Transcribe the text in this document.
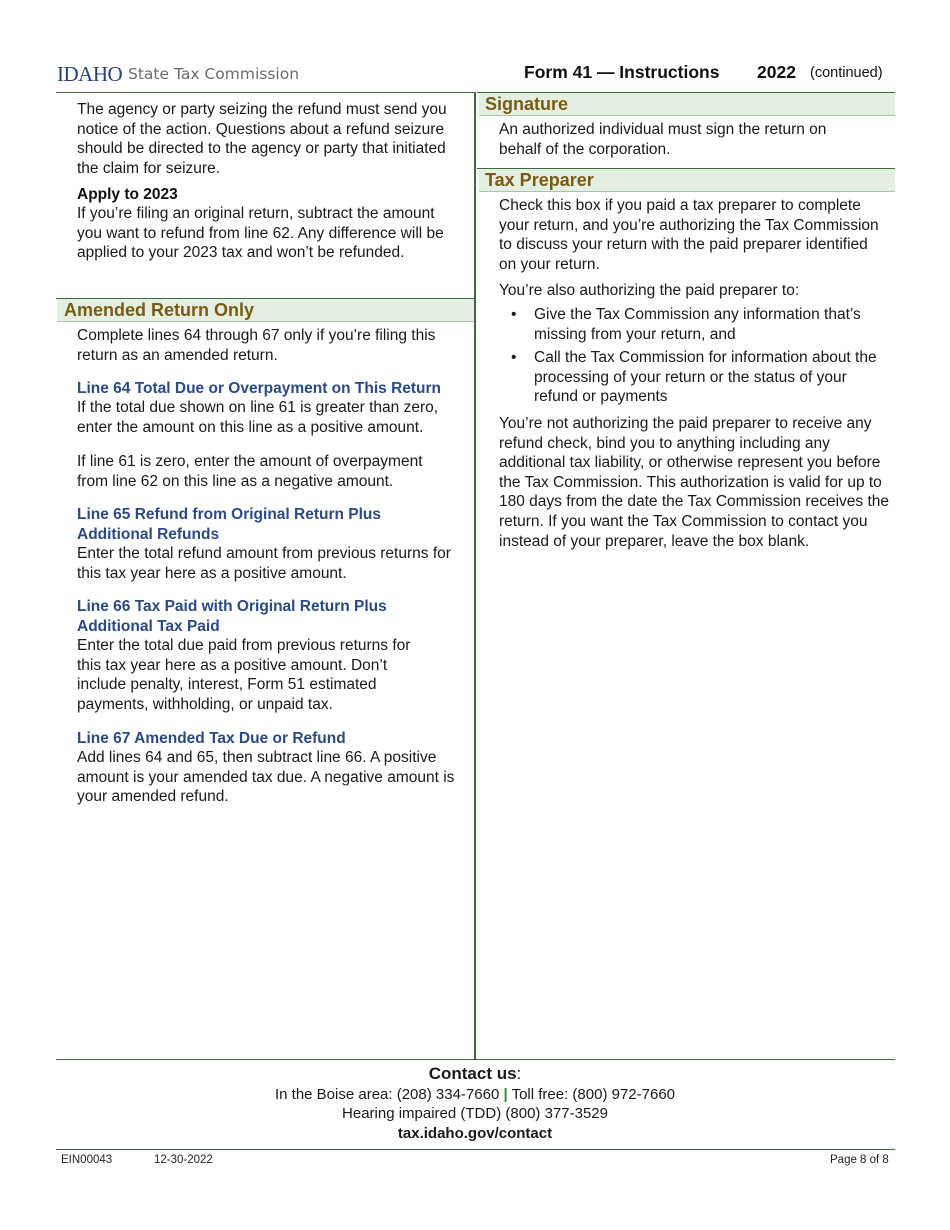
IDAHO State Tax Commission	Form 41 — Instructions 2022 (continued)

The agency or party seizing the refund must send you notice of the action. Questions about a refund seizure should be directed to the agency or party that initiated the claim for seizure.

Apply to 2023

If you’re filing an original return, subtract the amount you want to refund from line 62. Any difference will be applied to your 2023 tax and won’t be refunded.

Amended Return Only

Complete lines 64 through 67 only if you’re filing this return as an amended return.

Line 64 Total Due or Overpayment on This Return

If the total due shown on line 61 is greater than zero, enter the amount on this line as a positive amount.

If line 61 is zero, enter the amount of overpayment from line 62 on this line as a negative amount.

Line 65 Refund from Original Return Plus Additional Refunds

Enter the total refund amount from previous returns for this tax year here as a positive amount.

Line 66 Tax Paid with Original Return Plus Additional Tax Paid

Enter the total due paid from previous returns for this tax year here as a positive amount. Don’t include penalty, interest, Form 51 estimated payments, withholding, or unpaid tax.

Line 67 Amended Tax Due or Refund

Add lines 64 and 65, then subtract line 66. A positive amount is your amended tax due. A negative amount is your amended refund.

Signature

An authorized individual must sign the return on behalf of the corporation.

Tax Preparer

Check this box if you paid a tax preparer to complete your return, and you’re authorizing the Tax Commission to discuss your return with the paid preparer identified on your return.

You’re also authorizing the paid preparer to:

• Give the Tax Commission any information that’s missing from your return, and
• Call the Tax Commission for information about the processing of your return or the status of your refund or payments

You’re not authorizing the paid preparer to receive any refund check, bind you to anything including any additional tax liability, or otherwise represent you before the Tax Commission. This authorization is valid for up to 180 days from the date the Tax Commission receives the return. If you want the Tax Commission to contact you instead of your preparer, leave the box blank.

Contact us:
In the Boise area: (208) 334-7660 | Toll free: (800) 972-7660
Hearing impaired (TDD) (800) 377-3529
tax.idaho.gov/contact
EIN00043	12-30-2022	Page 8 of 8
